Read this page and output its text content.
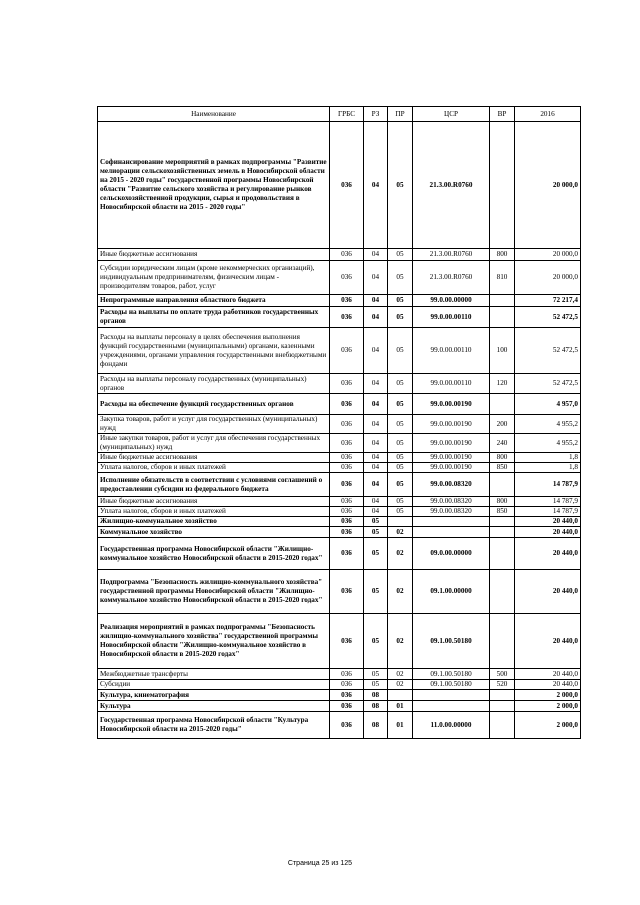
Наименование	ГРБС	РЗ	ПР	ЦСР	ВР	2016
Софинансирование мероприятий в рамках подпрограммы "Развитие мелиорации сельскохозяйственных земель в Новосибирской области на 2015 - 2020 годы" государственной программы Новосибирской области "Развитие сельского хозяйства и регулирование рынков сельскохозяйственной продукции, сырья и продовольствия в Новосибирской области на 2015 - 2020 годы"	036	04	05	21.3.00.R0760		20 000,0
Иные бюджетные ассигнования	036	04	05	21.3.00.R0760	800	20 000,0
Субсидии юридическим лицам (кроме некоммерческих организаций), индивидуальным предпринимателям, физическим лицам - производителям товаров, работ, услуг	036	04	05	21.3.00.R0760	810	20 000,0
Непрограммные направления областного бюджета	036	04	05	99.0.00.00000		72 217,4
Расходы на выплаты по оплате труда работников государственных органов	036	04	05	99.0.00.00110		52 472,5
Расходы на выплаты персоналу в целях обеспечения выполнения функций государственными (муниципальными) органами, казенными учреждениями, органами управления государственными внебюджетными фондами	036	04	05	99.0.00.00110	100	52 472,5
Расходы на выплаты персоналу государственных (муниципальных) органов	036	04	05	99.0.00.00110	120	52 472,5
Расходы на обеспечение функций государственных органов	036	04	05	99.0.00.00190		4 957,0
Закупка товаров, работ и услуг для государственных (муниципальных) нужд	036	04	05	99.0.00.00190	200	4 955,2
Иные закупки товаров, работ и услуг для обеспечения государственных (муниципальных) нужд	036	04	05	99.0.00.00190	240	4 955,2
Иные бюджетные ассигнования	036	04	05	99.0.00.00190	800	1,8
Уплата налогов, сборов и иных платежей	036	04	05	99.0.00.00190	850	1,8
Исполнение обязательств в соответствии с условиями соглашений о предоставлении субсидии из федерального бюджета	036	04	05	99.0.00.08320		14 787,9
Иные бюджетные ассигнования	036	04	05	99.0.00.08320	800	14 787,9
Уплата налогов, сборов и иных платежей	036	04	05	99.0.00.08320	850	14 787,9
Жилищно-коммунальное хозяйство	036	05				20 440,0
Коммунальное хозяйство	036	05	02			20 440,0
Государственная программа Новосибирской области "Жилищно-коммунальное хозяйство Новосибирской области в 2015-2020 годах"	036	05	02	09.0.00.00000		20 440,0
Подпрограмма "Безопасность жилищно-коммунального хозяйства" государственной программы Новосибирской области "Жилищно-коммунальное хозяйство Новосибирской области в 2015-2020 годах"	036	05	02	09.1.00.00000		20 440,0
Реализация мероприятий в рамках подпрограммы "Безопасность жилищно-коммунального хозяйства" государственной программы Новосибирской области "Жилищно-коммунальное хозяйство в Новосибирской области в 2015-2020 годах"	036	05	02	09.1.00.50180		20 440,0
Межбюджетные трансферты	036	05	02	09.1.00.50180	500	20 440,0
Субсидии	036	05	02	09.1.00.50180	520	20 440,0
Культура, кинематография	036	08				2 000,0
Культура	036	08	01			2 000,0
Государственная программа Новосибирской области "Культура Новосибирской области на 2015-2020 годы"	036	08	01	11.0.00.00000		2 000,0
Страница 25 из 125
